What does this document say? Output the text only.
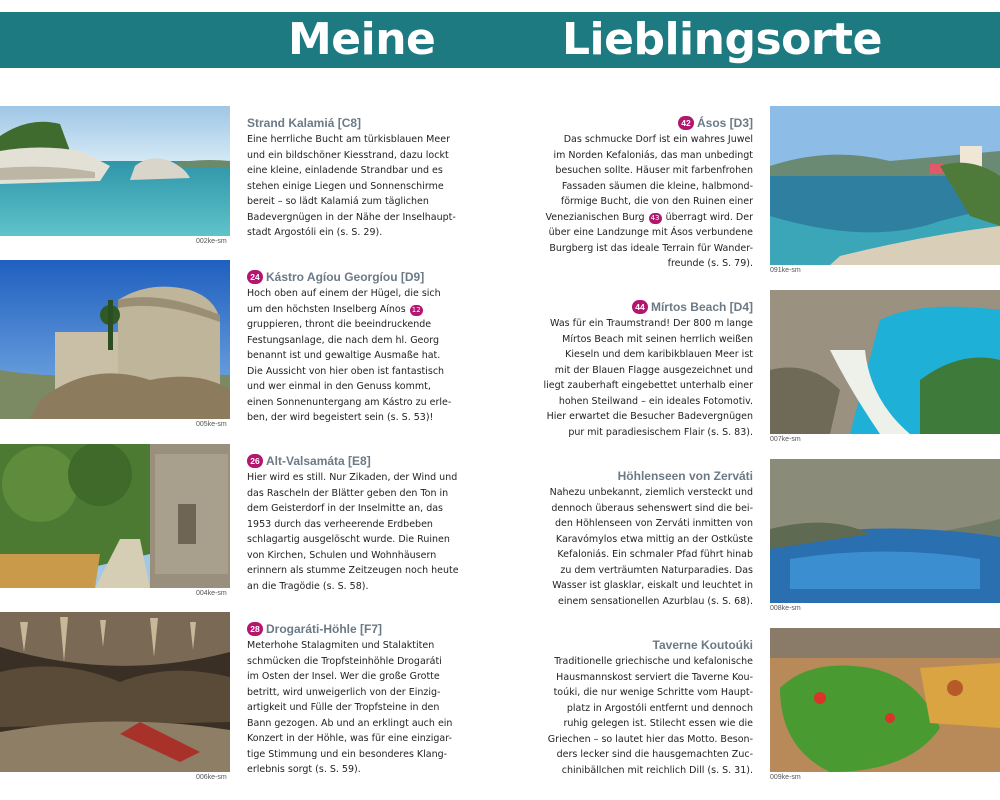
Meine	Lieblingsorte
002ke-sm
005ke-sm
004ke-sm
006ke-sm
091ke-sm
007ke-sm
008ke-sm
009ke-sm
Strand Kalamiá [C8]

Eine herrliche Bucht am türkisblauen Meer

und ein bildschöner Kiesstrand, dazu lockt

eine kleine, einladende Strandbar und es

stehen einige Liegen und Sonnenschirme

bereit – so lädt Kalamiá zum täglichen

Badevergnügen in der Nähe der Inselhaupt-

stadt Argostóli ein (s. S. 29).

24 Kástro Agíou Georgíou [D9]

Hoch oben auf einem der Hügel, die sich

um den höchsten Inselberg Aínos 12

gruppieren, thront die beeindruckende

Festungsanlage, die nach dem hl. Georg

benannt ist und gewaltige Ausmaße hat.

Die Aussicht von hier oben ist fantastisch

und wer einmal in den Genuss kommt,

einen Sonnenuntergang am Kástro zu erle-

ben, der wird begeistert sein (s. S. 53)!

26 Alt-Valsamáta [E8]

Hier wird es still. Nur Zikaden, der Wind und

das Rascheln der Blätter geben den Ton in

dem Geisterdorf in der Inselmitte an, das

1953 durch das verheerende Erdbeben

schlagartig ausgelöscht wurde. Die Ruinen

von Kirchen, Schulen und Wohnhäusern

erinnern als stumme Zeitzeugen noch heute

an die Tragödie (s. S. 58).

28 Drogaráti-Höhle [F7]

Meterhohe Stalagmiten und Stalaktiten

schmücken die Tropfsteinhöhle Drogaráti

im Osten der Insel. Wer die große Grotte

betritt, wird unweigerlich von der Einzig-

artigkeit und Fülle der Tropfsteine in den

Bann gezogen. Ab und an erklingt auch ein

Konzert in der Höhle, was für eine einzigar-

tige Stimmung und ein besonderes Klang-

erlebnis sorgt (s. S. 59).

42 Ásos [D3]

Das schmucke Dorf ist ein wahres Juwel

im Norden Kefaloniás, das man unbedingt

besuchen sollte. Häuser mit farbenfrohen

Fassaden säumen die kleine, halbmond-

förmige Bucht, die von den Ruinen einer

Venezianischen Burg 43 überragt wird. Der

über eine Landzunge mit Ásos verbundene

Burgberg ist das ideale Terrain für Wander-

freunde (s. S. 79).

44 Mírtos Beach [D4]

Was für ein Traumstrand! Der 800 m lange

Mírtos Beach mit seinen herrlich weißen

Kieseln und dem karibikblauen Meer ist

mit der Blauen Flagge ausgezeichnet und

liegt zauberhaft eingebettet unterhalb einer

hohen Steilwand – ein ideales Fotomotiv.

Hier erwartet die Besucher Badevergnügen

pur mit paradiesischem Flair (s. S. 83).

Höhlenseen von Zerváti

Nahezu unbekannt, ziemlich versteckt und

dennoch überaus sehenswert sind die bei-

den Höhlenseen von Zerváti inmitten von

Karavómylos etwa mittig an der Ostküste

Kefaloniás. Ein schmaler Pfad führt hinab

zu dem verträumten Naturparadies. Das

Wasser ist glasklar, eiskalt und leuchtet in

einem sensationellen Azurblau (s. S. 68).

Taverne Koutoúki

Traditionelle griechische und kefalonische

Hausmannskost serviert die Taverne Kou-

toúki, die nur wenige Schritte vom Haupt-

platz in Argostóli entfernt und dennoch

ruhig gelegen ist. Stilecht essen wie die

Griechen – so lautet hier das Motto. Beson-

ders lecker sind die hausgemachten Zuc-

chinibällchen mit reichlich Dill (s. S. 31).
